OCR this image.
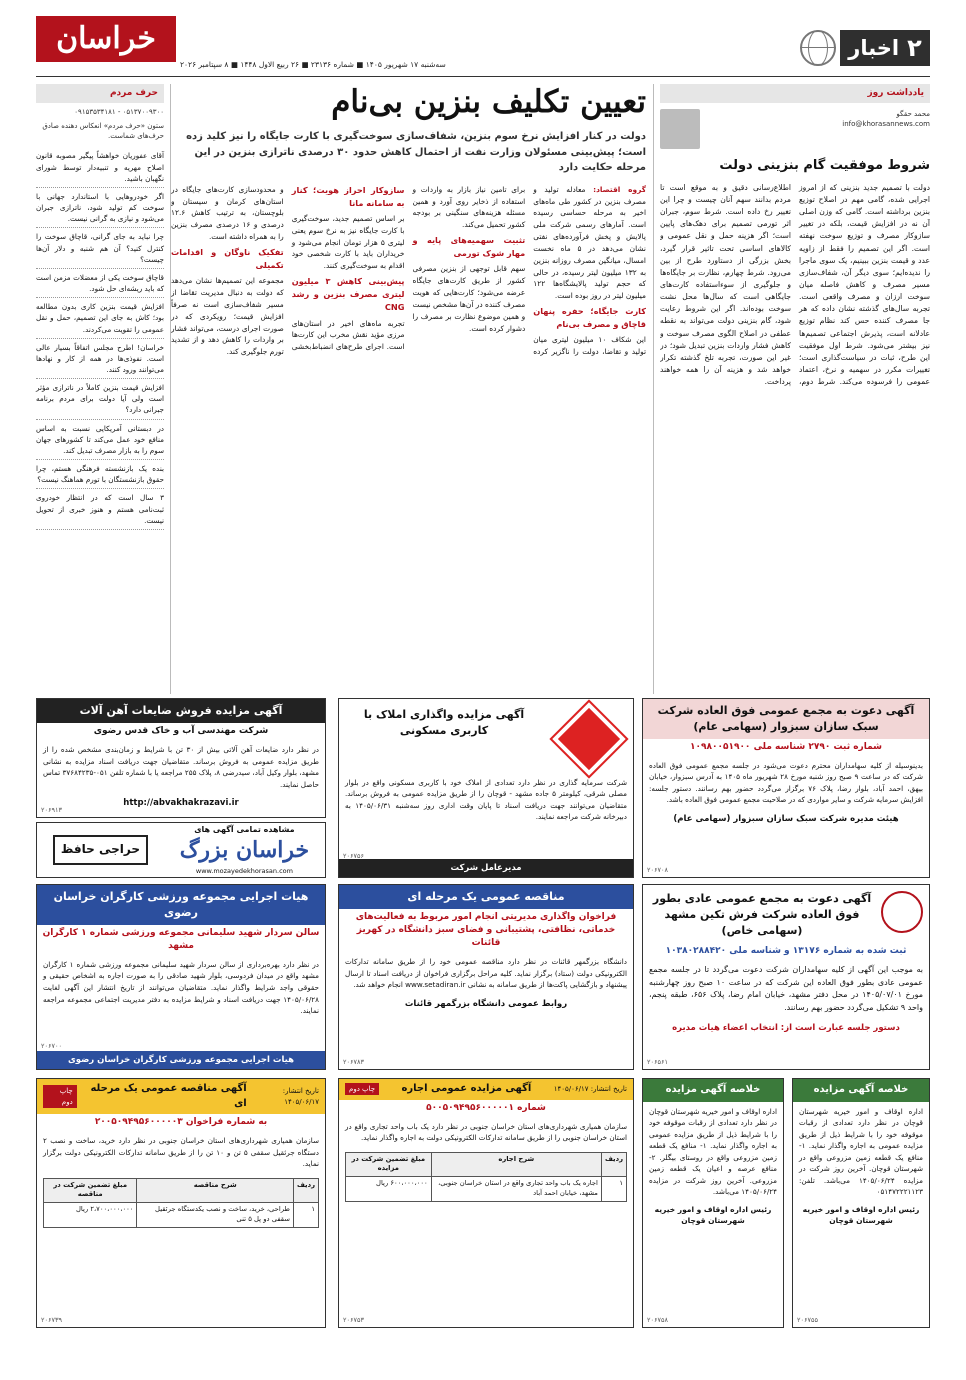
۲
اخبار
خراسان
سه‌شنبه ۱۷ شهریور ۱۴۰۵ ■ شماره ۲۳۱۳۶ ■ ۲۶ ربیع الاول ۱۴۴۸ ■ ۸ سپتامبر ۲۰۲۶
یادداشت روز
محمد حقگو
info@khorasannews.com
شروط موفقیت گام بنزینی دولت
دولت با تصمیم جدید بنزینی که از امروز اجرایی شده، گامی مهم در اصلاح توزیع بنزین برداشته است. گامی که وزن اصلی آن نه در افزایش قیمت، بلکه در تغییر سازوکار مصرف و توزیع سوخت نهفته است. اگر این تصمیم را فقط از زاویه عدد و قیمت بنزین ببینیم، یک سوی ماجرا را ندیده‌ایم؛ سوی دیگر آن، شفاف‌سازی مسیر مصرف و کاهش فاصله میان سوخت ارزان و مصرف واقعی است. تجربه سال‌های گذشته نشان داده که هر جا مصرف کننده حس کند نظام توزیع عادلانه است، پذیرش اجتماعی تصمیم‌ها نیز بیشتر می‌شود. شرط اول موفقیت این طرح، ثبات در سیاست‌گذاری است؛ تغییرات مکرر در سهمیه و نرخ، اعتماد عمومی را فرسوده می‌کند. شرط دوم، اطلاع‌رسانی دقیق و به موقع است تا مردم بدانند سهم آنان چیست و چرا این تغییر رخ داده است. شرط سوم، جبران اثر تورمی تصمیم برای دهک‌های پایین است؛ اگر هزینه حمل و نقل عمومی و کالاهای اساسی تحت تاثیر قرار گیرد، بخش بزرگی از دستاورد طرح از بین می‌رود. شرط چهارم، نظارت بر جایگاه‌ها و جلوگیری از سوءاستفاده کارت‌های جایگاهی است که سال‌ها محل نشت سوخت بوده‌اند. اگر این شروط رعایت شود، گام بنزینی دولت می‌تواند به نقطه عطفی در اصلاح الگوی مصرف سوخت و کاهش فشار واردات بنزین تبدیل شود؛ در غیر این صورت، تجربه تلخ گذشته تکرار خواهد شد و هزینه آن را همه خواهند پرداخت.
تعیین تکلیف بنزین بی‌نام
دولت در کنار افزایش نرخ سوم بنزین، شفاف‌سازی سوخت‌گیری با کارت جایگاه را نیز کلید زده است؛ پیش‌بینی مسئولان وزارت نفت از احتمال کاهش حدود ۳۰ درصدی ناترازی بنزین در این مرحله حکایت دارد
گروه اقتصاد: معادله تولید و مصرف بنزین در کشور طی ماه‌های اخیر به مرحله حساسی رسیده است. آمارهای رسمی شرکت ملی پالایش و پخش فرآورده‌های نفتی نشان می‌دهد در ۵ ماه نخست امسال، میانگین مصرف روزانه بنزین به ۱۳۲ میلیون لیتر رسیده، در حالی که حجم تولید پالایشگاه‌ها ۱۲۲ میلیون لیتر در روز بوده است.
کارت جایگاه؛ حفره پنهان قاچاق و مصرف بی‌نام
این شکاف ۱۰ میلیون لیتری میان تولید و تقاضا، دولت را ناگزیر کرده برای تامین نیاز بازار به واردات و استفاده از ذخایر روی آورد و همین مسئله هزینه‌های سنگینی بر بودجه کشور تحمیل می‌کند.
تثبیت سهمیه‌های پایه و مهار شوک تورمی
سهم قابل توجهی از بنزین مصرفی کشور از طریق کارت‌های جایگاه عرضه می‌شود؛ کارت‌هایی که هویت مصرف کننده در آن‌ها مشخص نیست و همین موضوع نظارت بر مصرف را دشوار کرده است.
سازوکار احراز هویت؛ کنار به سامانه مانا
بر اساس تصمیم جدید، سوخت‌گیری با کارت جایگاه نیز به نرخ سوم یعنی لیتری ۵ هزار تومان انجام می‌شود و خریداران باید با کارت شخصی خود اقدام به سوخت‌گیری کنند.
پیش‌بینی کاهش ۳ میلیون لیتری مصرف بنزین و رشد CNG
تجربه ماه‌های اخیر در استان‌های مرزی مؤید نقش مخرب این کارت‌ها است. اجرای طرح‌های انضباط‌بخشی و محدودسازی کارت‌های جایگاه در استان‌های کرمان و سیستان و بلوچستان، به ترتیب کاهش ۱۲.۶ درصدی و ۱۶ درصدی مصرف بنزین را به همراه داشته است.
تفکیک ناوگان و اقدامات تکمیلی
مجموعه این تصمیم‌ها نشان می‌دهد که دولت به دنبال مدیریت تقاضا از مسیر شفاف‌سازی است نه صرفاً افزایش قیمت؛ رویکردی که در صورت اجرای درست، می‌تواند فشار بر واردات را کاهش دهد و از تشدید تورم جلوگیری کند.
حرف مردم
۰۵۱۳۷۰۰۹۳۰۰ - ۰۹۱۵۳۵۳۴۱۸۱
ستون «حرف مردم» انعکاس دهنده صادق حرف‌های شماست.
آقای عفوریان خواهشاً پیگیر مصوبه قانون اصلاح مهریه و تنبیه‌دار توسط شورای نگهبان باشید.
اگر خودروهایی با استاندارد جهانی با سوخت کم تولید شود، ناترازی جبران می‌شود و نیازی به گرانی نیست.
چرا نباید به جای گرانی، قاچاق سوخت را کنترل کنید؟ آن هم شنبه و دلار آن‌ها چیست؟
قاچاق سوخت یکی از معضلات مزمن است که باید ریشه‌ای حل شود.
افزایش قیمت بنزین کاری بدون مطالعه بود؛ کاش به جای این تصمیم، حمل و نقل عمومی را تقویت می‌کردند.
خراسان! اطرح مجلس اتفاقاً بسیار عالی است. نفوذی‌ها در همه از کار و نهادها می‌توانند ورود کنند.
افزایش قیمت بنزین کاملاً در ناترازی مؤثر است ولی آیا دولت برای مردم برنامه جبرانی دارد؟
در دبستانی آمریکایی نسبت به اساس منافع خود عمل می‌کند تا کشورهای جهان سوم را به بازار مصرف تبدیل کند.
بنده یک بازنشسته فرهنگی هستم، چرا حقوق بازنشستگان با تورم هماهنگ نیست؟
۳ سال است که در انتظار خودروی ثبت‌نامی هستم و هنوز خبری از تحویل نیست.
آگهی دعوت به مجمع عمومی فوق العاده شرکت سبک سازان سبزوار (سهامی عام)
شماره ثبت ۲۷۹۰ شناسه ملی ۱۰۹۸۰۰۵۱۹۰۰
بدینوسیله از کلیه سهامداران محترم دعوت می‌شود در جلسه مجمع عمومی فوق العاده شرکت که در ساعت ۹ صبح روز شنبه مورخ ۲۸ شهریور ماه ۱۴۰۵ به آدرس سبزوار، خیابان بیهق، احمد آباد، بلوار رضا، پلاک ۷۶ برگزار می‌گردد حضور بهم رسانند. دستور جلسه: افزایش سرمایه شرکت و سایر مواردی که در صلاحیت مجمع عمومی فوق العاده باشد.
هیئت مدیره شرکت سبک سازان سبزوار (سهامی عام)
۲۰۶۷۰۸
آگهی مزایده واگذاری املاک با کاربری مسکونی
شرکت سرمایه گذاری در نظر دارد تعدادی از املاک خود با کاربری مسکونی واقع در بلوار مصلی شرقی، کیلومتر ۵ جاده مشهد - قوچان را از طریق مزایده عمومی به فروش برساند. متقاضیان می‌توانند جهت دریافت اسناد تا پایان وقت اداری روز سه‌شنبه ۱۴۰۵/۰۶/۳۱ به دبیرخانه شرکت مراجعه نمایند.
مدیرعامل شرکت
۲۰۶۷۵۶
آگهی مزایده فروش ضایعات آهن آلات
شرکت مهندسی آب و خاک قدس رضوی
در نظر دارد ضایعات آهن آلاتی بیش از ۳۰ تن با شرایط و زمان‌بندی مشخص شده را از طریق مزایده عمومی به فروش برساند. متقاضیان جهت دریافت اسناد مزایده به نشانی مشهد، بلوار وکیل آباد، سیدرضی ۸، پلاک ۲۵۵ مراجعه یا با شماره تلفن ۰۵۱-۳۷۶۸۴۲۳۵ تماس حاصل نمایند.
http://abvakhakrazavi.ir
۲۰۶۹۱۳
مشاهده تمامی آگهی های
خراسان بزرگ
www.mozayedekhorasan.com
حراجی حافظ
آگهی دعوت به مجمع عمومی عادی بطور فوق العاده شرکت فرش تکین مشهد (سهامی خاص)
ثبت شده به شماره ۱۳۱۷۶ و شناسه ملی ۱۰۳۸۰۲۸۸۴۲۰
به موجب این آگهی از کلیه سهامداران شرکت دعوت می‌گردد تا در جلسه مجمع عمومی عادی بطور فوق العاده این شرکت که در ساعت ۱۰ صبح روز چهارشنبه مورخ ۱۴۰۵/۰۷/۰۱ در محل دفتر مشهد، خیابان امام رضا، پلاک ۶۵۶، طبقه پنجم، واحد ۹ تشکیل می‌گردد حضور بهم رسانند.
دستور جلسه عبارت است از: انتخاب اعضاء هیات مدیره
۲۰۶۵۶۱
مناقصه عمومی یک مرحله ای
فراخوان واگذاری مدیریتی انجام امور مربوط به فعالیت‌های خدماتی، نظافتی، پشتیبانی و فضای سبز دانشگاه در کهریز قائنات
دانشگاه بزرگمهر قائنات در نظر دارد مناقصه عمومی خود را از طریق سامانه تدارکات الکترونیکی دولت (ستاد) برگزار نماید. کلیه مراحل برگزاری فراخوان از دریافت اسناد تا ارسال پیشنهاد و بازگشایی پاکت‌ها از طریق سامانه به نشانی www.setadiran.ir انجام خواهد شد.
روابط عمومی دانشگاه بزرگمهر قائنات
۲۰۶۷۸۳
هیات اجرایی مجموعه ورزشی کارگران خراسان رضوی
سالن سردار شهید سلیمانی مجموعه ورزشی شماره ۱ کارگران مشهد
در نظر دارد بهره‌برداری از سالن سردار شهید سلیمانی مجموعه ورزشی شماره ۱ کارگران مشهد واقع در میدان فردوسی، بلوار شهید صادقی را به صورت اجاره به اشخاص حقیقی و حقوقی واجد شرایط واگذار نماید. متقاضیان می‌توانند از تاریخ انتشار این آگهی لغایت ۱۴۰۵/۰۶/۲۸ جهت دریافت اسناد و شرایط مزایده به دفتر مدیریت اجتماعی مجموعه مراجعه نمایند.
هیات اجرایی مجموعه ورزشی کارگران خراسان رضوی
۲۰۶۷۰۰
خلاصه آگهی مزایده
اداره اوقاف و امور خیریه شهرستان قوچان در نظر دارد تعدادی از رقبات موقوفه خود را با شرایط ذیل از طریق مزایده عمومی به اجاره واگذار نماید. ۱- منافع یک قطعه زمین مزروعی واقع در شهرستان قوچان. آخرین روز شرکت در مزایده ۱۴۰۵/۰۶/۲۴ می‌باشد. تلفن: ۰۵۱۴۷۲۲۲۱۱۲۳
رئیس اداره اوقاف و امور خیریه شهرستان قوچان
۲۰۶۷۵۵
خلاصه آگهی مزایده
اداره اوقاف و امور خیریه شهرستان قوچان در نظر دارد تعدادی از رقبات موقوفه خود را با شرایط ذیل از طریق مزایده عمومی به اجاره واگذار نماید. ۱- منافع یک قطعه زمین مزروعی واقع در روستای بیگلر. ۲- منافع عرصه و اعیان یک قطعه زمین مزروعی. آخرین روز شرکت در مزایده ۱۴۰۵/۰۶/۲۴ می‌باشد.
رئیس اداره اوقاف و امور خیریه شهرستان قوچان
۲۰۶۷۵۸
تاریخ انتشار: ۱۴۰۵/۰۶/۱۷
آگهی مزایده عمومی اجاره
چاپ دوم
شماره ۵۰۰۵۰۹۴۹۵۶۰۰۰۰۰۱
سازمان همیاری شهرداری‌های استان خراسان جنوبی در نظر دارد یک باب واحد تجاری واقع در استان خراسان جنوبی را از طریق سامانه تدارکات الکترونیکی دولت به اجاره واگذار نماید.
ردیف	شرح اجاره	مبلغ تضمین شرکت در مزایده
۱	اجاره یک باب واحد تجاری واقع در استان خراسان جنوبی، مشهد، خیابان احمد آباد	۶۰۰،۰۰۰،۰۰۰ ریال
۲۰۶۷۵۳
تاریخ انتشار: ۱۴۰۵/۰۶/۱۷
آگهی مناقصه عمومی یک مرحله ای
چاپ دوم
به شماره فراخوان ۲۰۰۵۰۹۴۹۵۶۰۰۰۰۰۳
سازمان همیاری شهرداری‌های استان خراسان جنوبی در نظر دارد خرید، ساخت و نصب ۲ دستگاه جرثقیل سقفی ۵ تن و ۱۰ تن را از طریق سامانه تدارکات الکترونیکی دولت برگزار نماید.
ردیف	شرح مناقصه	مبلغ تضمین شرکت در مناقصه
۱	طراحی، خرید، ساخت و نصب یکدستگاه جرثقیل سقفی دو پل ۵ تنی	۲،۷۰۰،۰۰۰،۰۰۰ ریال
۲۰۶۷۳۹
